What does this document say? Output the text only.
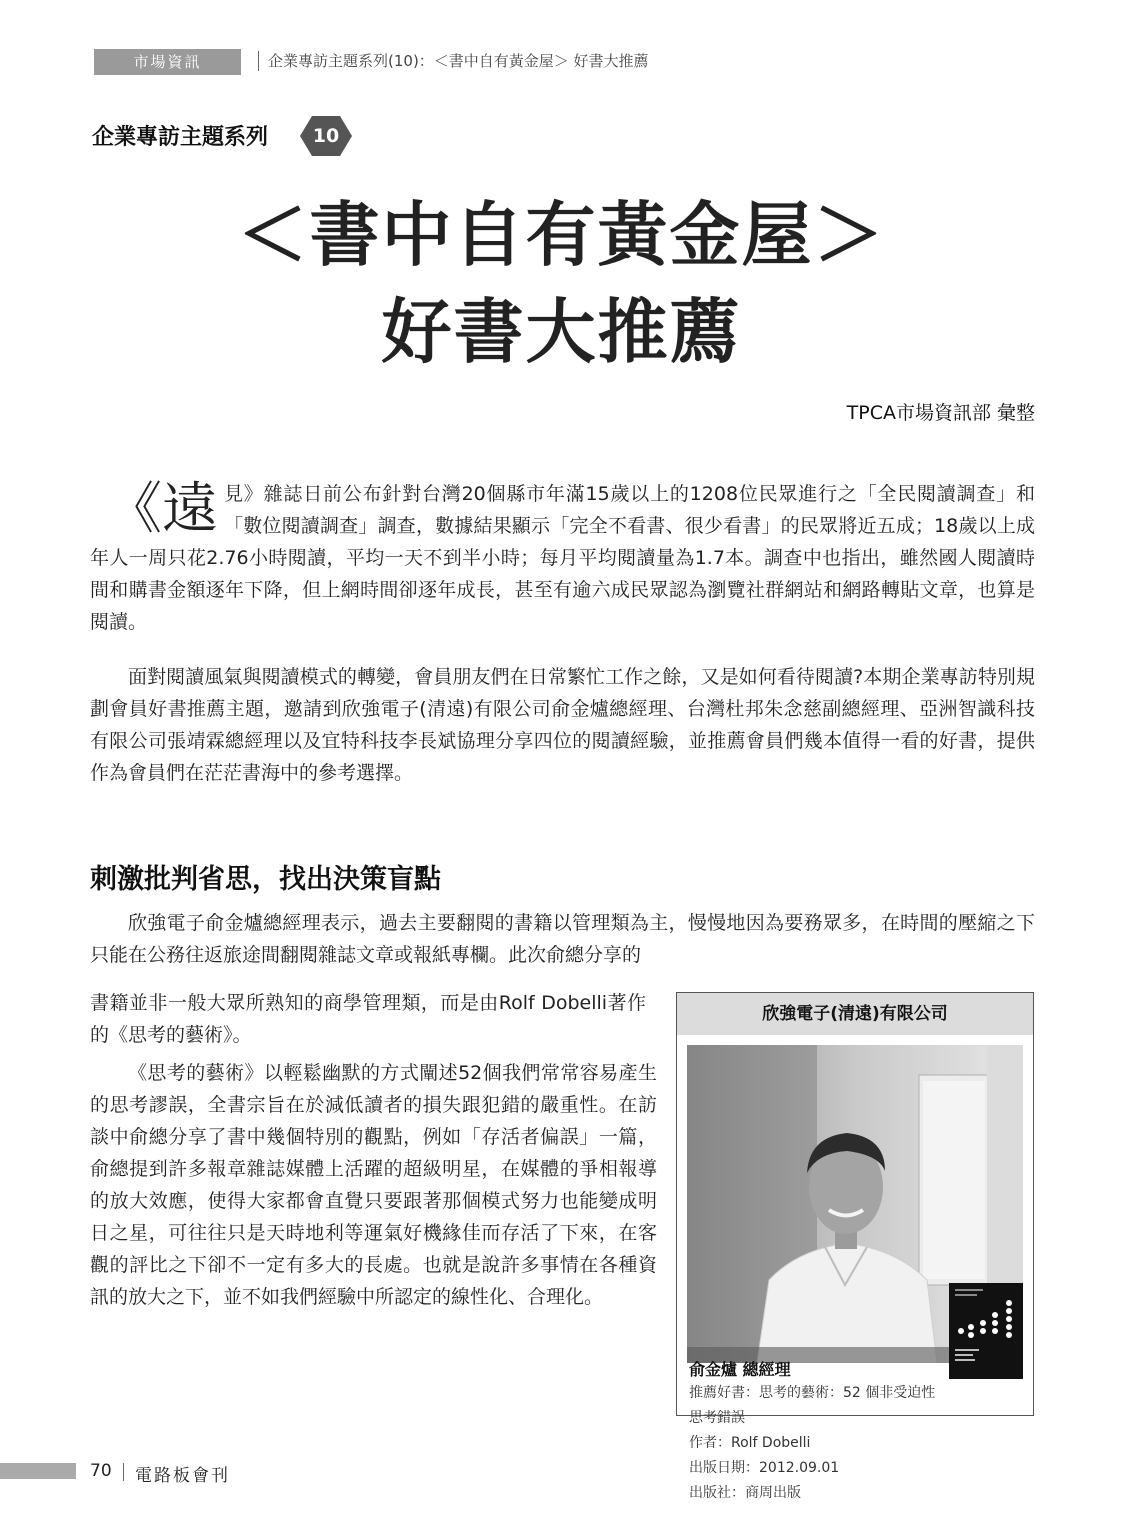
市場資訊	企業專訪主題系列(10)：＜書中自有黃金屋＞ 好書大推薦
企業專訪主題系列	10
＜書中自有黃金屋＞
好書大推薦
TPCA市場資訊部 彙整

《遠 見》雜誌日前公布針對台灣20個縣市年滿15歲以上的1208位民眾進行之「全民閱讀調查」和「數位閱讀調查」調查，數據結果顯示「完全不看書、很少看書」的民眾將近五成；18歲以上成年人一周只花2.76小時閱讀，平均一天不到半小時；每月平均閱讀量為1.7本。調查中也指出，雖然國人閱讀時間和購書金額逐年下降，但上網時間卻逐年成長，甚至有逾六成民眾認為瀏覽社群網站和網路轉貼文章，也算是閱讀。

面對閱讀風氣與閱讀模式的轉變，會員朋友們在日常繁忙工作之餘，又是如何看待閱讀?本期企業專訪特別規劃會員好書推薦主題，邀請到欣強電子(清遠)有限公司俞金爐總經理、台灣杜邦朱念慈副總經理、亞洲智識科技有限公司張靖霖總經理以及宜特科技李長斌協理分享四位的閱讀經驗，並推薦會員們幾本值得一看的好書，提供作為會員們在茫茫書海中的參考選擇。

刺激批判省思，找出決策盲點

欣強電子俞金爐總經理表示，過去主要翻閱的書籍以管理類為主，慢慢地因為要務眾多，在時間的壓縮之下只能在公務往返旅途間翻閱雜誌文章或報紙專欄。此次俞總分享的

書籍並非一般大眾所熟知的商學管理類，而是由Rolf Dobelli著作的《思考的藝術》。

《思考的藝術》以輕鬆幽默的方式闡述52個我們常常容易產生的思考謬誤，全書宗旨在於減低讀者的損失跟犯錯的嚴重性。在訪談中俞總分享了書中幾個特別的觀點，例如「存活者偏誤」一篇，俞總提到許多報章雜誌媒體上活躍的超級明星，在媒體的爭相報導的放大效應，使得大家都會直覺只要跟著那個模式努力也能變成明日之星，可往往只是天時地利等運氣好機緣佳而存活了下來，在客觀的評比之下卻不一定有多大的長處。也就是說許多事情在各種資訊的放大之下，並不如我們經驗中所認定的線性化、合理化。

欣強電子(清遠)有限公司
俞金爐 總經理
推薦好書：思考的藝術：52 個非受迫性思考錯誤
作者：Rolf Dobelli
出版日期：2012.09.01
出版社：商周出版
70 電路板會刊
